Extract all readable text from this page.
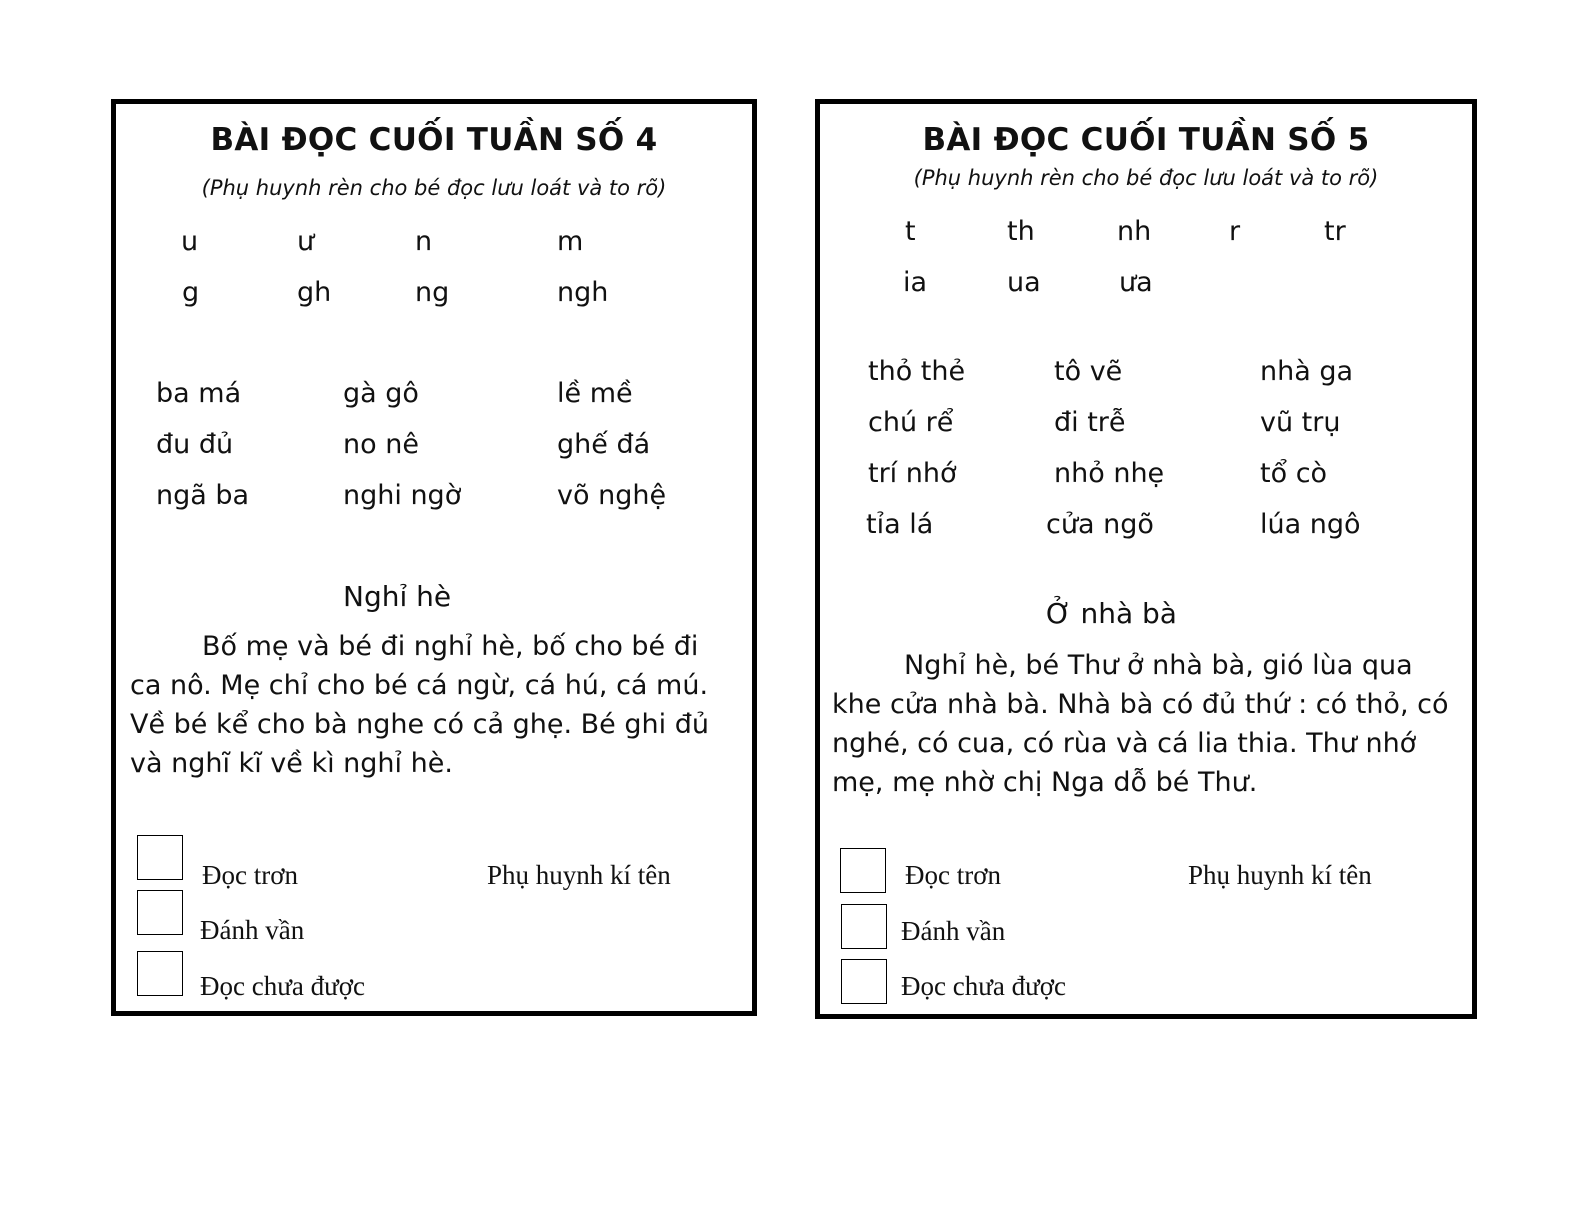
BÀI ĐỌC CUỐI TUẦN SỐ 4
(Phụ huynh rèn cho bé đọc lưu loát và to rõ)
u	ư	n	m
g	gh	ng	ngh
ba má	gà gô	lề mề
đu đủ	no nê	ghế đá
ngã ba	nghi ngờ	võ nghệ
Nghỉ hè
Bố mẹ và bé đi nghỉ hè, bố cho bé đi ca nô. Mẹ chỉ cho bé cá ngừ, cá hú, cá mú. Về bé kể cho bà nghe có cả ghẹ. Bé ghi đủ và nghĩ kĩ về kì nghỉ hè.
Đọc trơn
Đánh vần
Đọc chưa được
Phụ huynh kí tên
BÀI ĐỌC CUỐI TUẦN SỐ 5
(Phụ huynh rèn cho bé đọc lưu loát và to rõ)
t	th	nh	r	tr
ia	ua	ưa
thỏ thẻ	tô vẽ	nhà ga
chú rể	đi trễ	vũ trụ
trí nhớ	nhỏ nhẹ	tổ cò
tỉa lá	cửa ngõ	lúa ngô
Ở nhà bà
Nghỉ hè, bé Thư ở nhà bà, gió lùa qua khe cửa nhà bà. Nhà bà có đủ thứ : có thỏ, có nghé, có cua, có rùa và cá lia thia. Thư nhớ mẹ, mẹ nhờ chị Nga dỗ bé Thư.
Đọc trơn
Đánh vần
Đọc chưa được
Phụ huynh kí tên
